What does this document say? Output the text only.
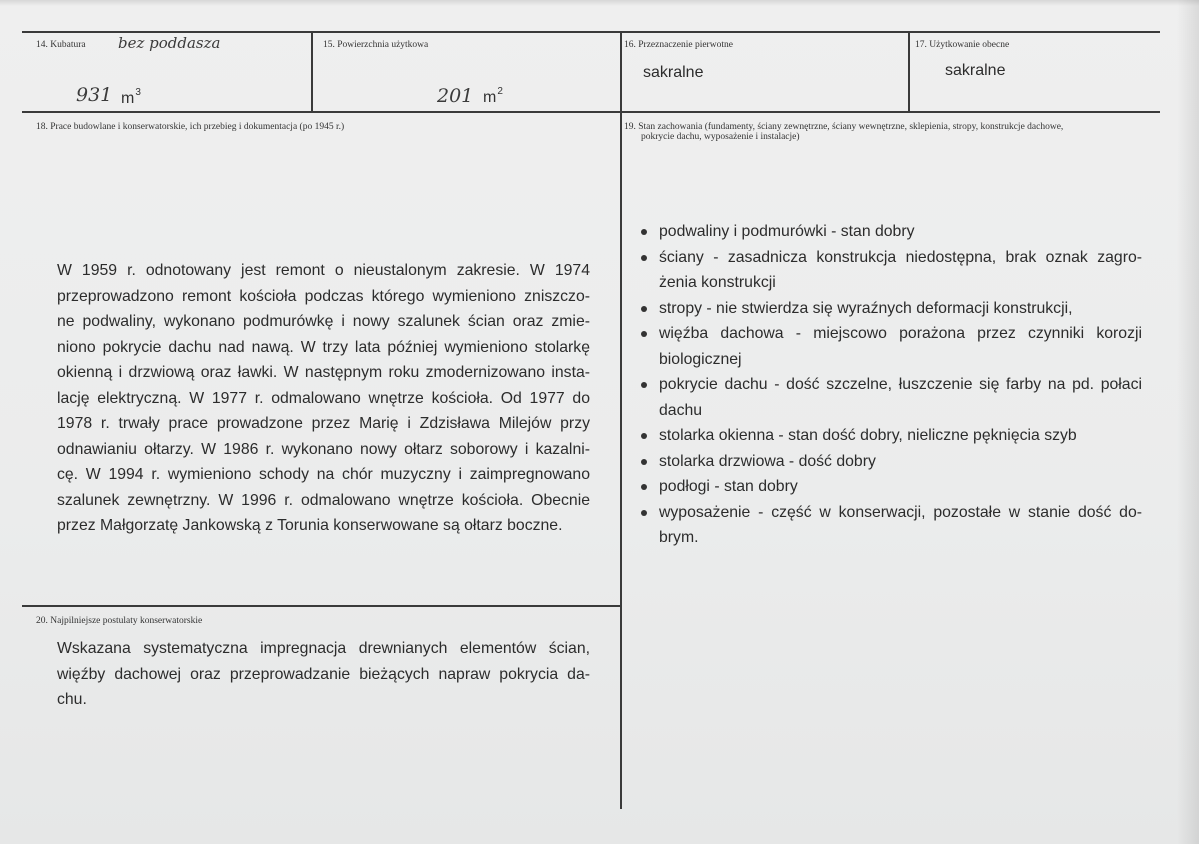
14. Kubatura bez poddasza
931 $m^3$
15. Powierzchnia użytkowa
201 $m^2$
16. Przeznaczenie pierwotne
sakralne
17. Użytkowanie obecne
sakralne
18. Prace budowlane i konserwatorskie, ich przebieg i dokumentacja (po 1945 r.)
W 1959 r. odnotowany jest remont o nieustalonym zakresie. W 1974
przeprowadzono remont kościoła podczas którego wymieniono zniszczo-
ne podwaliny, wykonano podmurówkę i nowy szalunek ścian oraz zmie-
niono pokrycie dachu nad nawą. W trzy lata później wymieniono stolarkę
okienną i drzwiową oraz ławki. W następnym roku zmodernizowano insta-
lację elektryczną. W 1977 r. odmalowano wnętrze kościoła. Od 1977 do
1978 r. trwały prace prowadzone przez Marię i Zdzisława Milejów przy
odnawianiu ołtarzy. W 1986 r. wykonano nowy ołtarz soborowy i kazalni-
cę. W 1994 r. wymieniono schody na chór muzyczny i zaimpregnowano
szalunek zewnętrzny. W 1996 r. odmalowano wnętrze kościoła. Obecnie
przez Małgorzatę Jankowską z Torunia konserwowane są ołtarz boczne.
19. Stan zachowania (fundamenty, ściany zewnętrzne, ściany wewnętrzne, sklepienia, stropy, konstrukcje dachowe,
pokrycie dachu, wyposażenie i instalacje)
podwaliny i podmurówki - stan dobry
ściany - zasadnicza konstrukcja niedostępna, brak oznak zagro-
żenia konstrukcji
stropy - nie stwierdza się wyraźnych deformacji konstrukcji,
więźba dachowa - miejscowo porażona przez czynniki korozji
biologicznej
pokrycie dachu - dość szczelne, łuszczenie się farby na pd. połaci
dachu
stolarka okienna - stan dość dobry, nieliczne pęknięcia szyb
stolarka drzwiowa - dość dobry
podłogi - stan dobry
wyposażenie - część w konserwacji, pozostałe w stanie dość do-
brym.
20. Najpilniejsze postulaty konserwatorskie
Wskazana systematyczna impregnacja drewnianych elementów ścian,
więźby dachowej oraz przeprowadzanie bieżących napraw pokrycia da-
chu.
